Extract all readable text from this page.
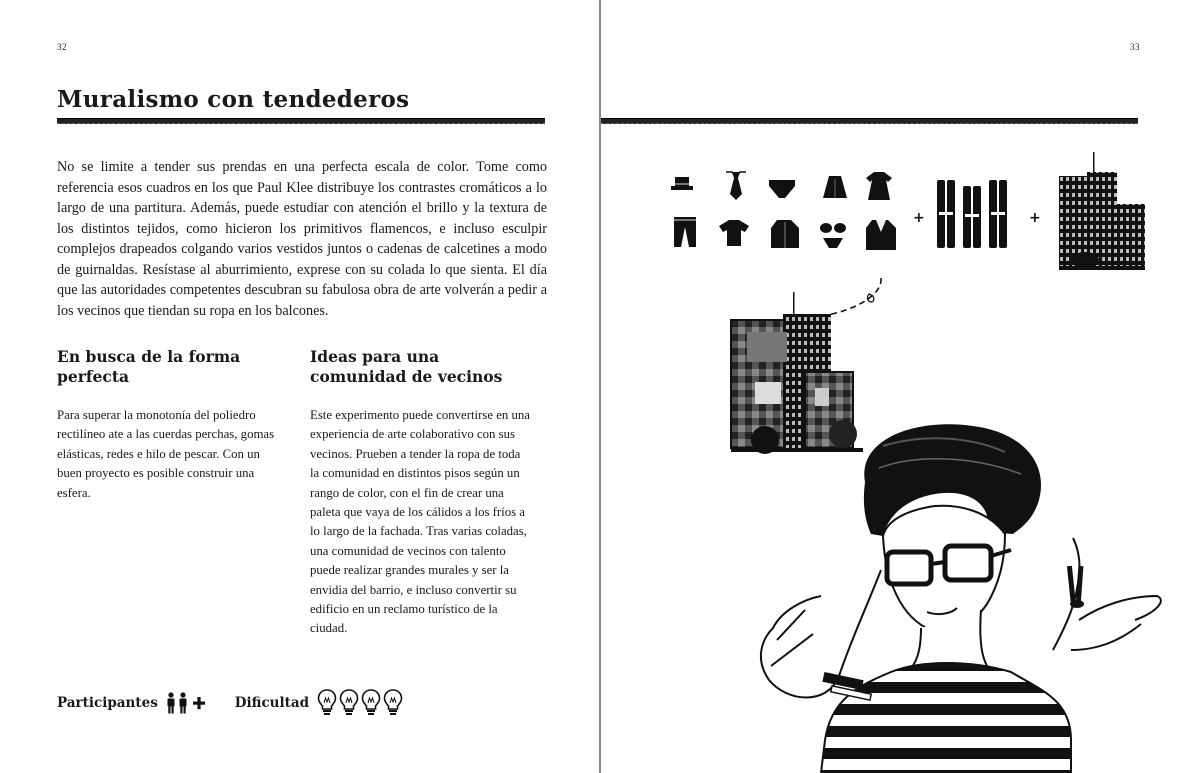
32
Muralismo con tendederos

No se limite a tender sus prendas en una perfecta escala de color. Tome como referencia esos cuadros en los que Paul Klee distribuye los contrastes cromáticos a lo largo de una partitura. Además, puede estudiar con atención el brillo y la textura de los distintos tejidos, como hicieron los primitivos flamencos, e incluso esculpir complejos drapeados colgando varios vestidos juntos o cadenas de calcetines a modo de guirnaldas. Resístase al aburrimiento, exprese con su colada lo que sienta. El día que las autoridades competentes descubran su fabulosa obra de arte volverán a pedir a los vecinos que tiendan su ropa en los balcones.

En busca de la forma perfecta
Ideas para una comunidad de vecinos

Para superar la monotonía del poliedro rectilíneo ate a las cuerdas perchas, gomas elásticas, redes e hilo de pescar. Con un buen proyecto es posible construir una esfera.

Este experimento puede convertirse en una experiencia de arte colaborativo con sus vecinos. Prueben a tender la ropa de toda la comunidad en distintos pisos según un rango de color, con el fin de crear una paleta que vaya de los cálidos a los fríos a lo largo de la fachada. Tras varias coladas, una comunidad de vecinos con talento puede realizar grandes murales y ser la envidia del barrio, e incluso convertir su edificio en un reclamo turístico de la ciudad.

Participantes	Dificultad
33
+	+
